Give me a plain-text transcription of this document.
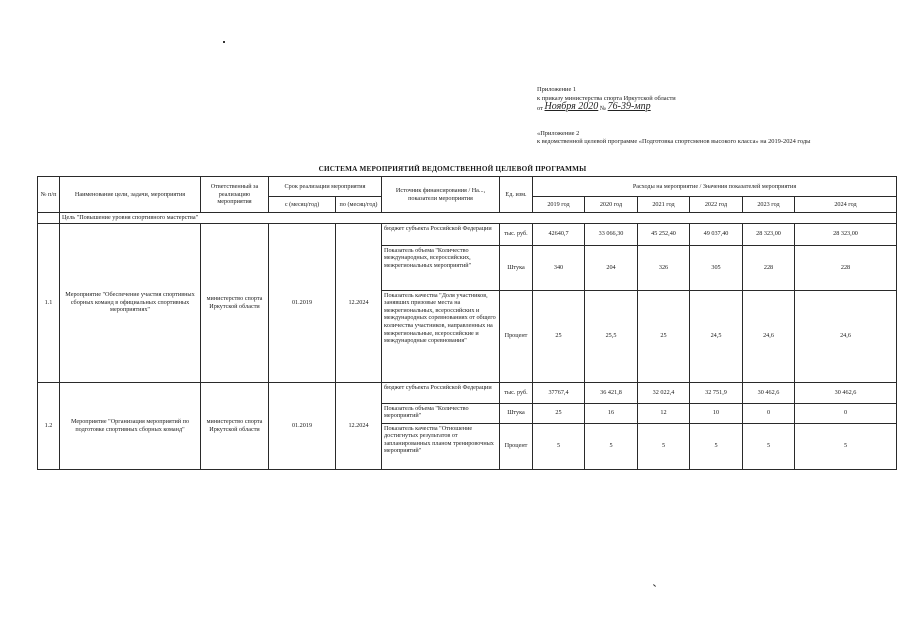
Приложение 1
к приказу министерства спорта Иркутской области
от Ноября 2020 № 76-39-мпр
«Приложение 2
к ведомственной целевой программе «Подготовка спортсменов высокого класса» на 2019-2024 годы
СИСТЕМА МЕРОПРИЯТИЙ ВЕДОМСТВЕННОЙ ЦЕЛЕВОЙ ПРОГРАММЫ
№ п/п	Наименование цели, задачи, мероприятия	Ответственный за реализацию мероприятия	Срок реализации мероприятия		Источник финансирования / На..., показатели мероприятия	Ед. изм.	Расходы на мероприятие / Значения показателей мероприятия					
			с (месяц/год)	по (месяц/год)			2019 год	2020 год	2021 год	2022 год	2023 год	2024 год
	Цель "Повышение уровня спортивного мастерства"											
1.1	Мероприятие "Обеспечение участия спортивных сборных команд в официальных спортивных мероприятиях"	министерство спорта Иркутской области	01.2019	12.2024	бюджет субъекта Российской Федерации	тыс. руб.	42640,7	33 066,30	45 252,40	49 037,40	28 323,00	28 323,00
					Показатель объема "Количество международных, всероссийских, межрегиональных мероприятий"	Штука	340	204	326	305	228	228
					Показатель качества "Доля участников, занявших призовые места на межрегиональных, всероссийских и международных соревнованиях от общего количества участников, направленных на межрегиональные, всероссийские и международные соревнования"	Процент	25	25,5	25	24,5	24,6	24,6
1.2	Мероприятие "Организация мероприятий по подготовке спортивных сборных команд"	министерство спорта Иркутской области	01.2019	12.2024	бюджет субъекта Российской Федерации	тыс. руб.	37767,4	36 421,8	32 022,4	32 751,9	30 462,6	30 462,6
					Показатель объема "Количество мероприятий"	Штука	25	16	12	10	0	0
					Показатель качества "Отношение достигнутых результатов от запланированных планом тренировочных мероприятий"	Процент	5	5	5	5	5	5
